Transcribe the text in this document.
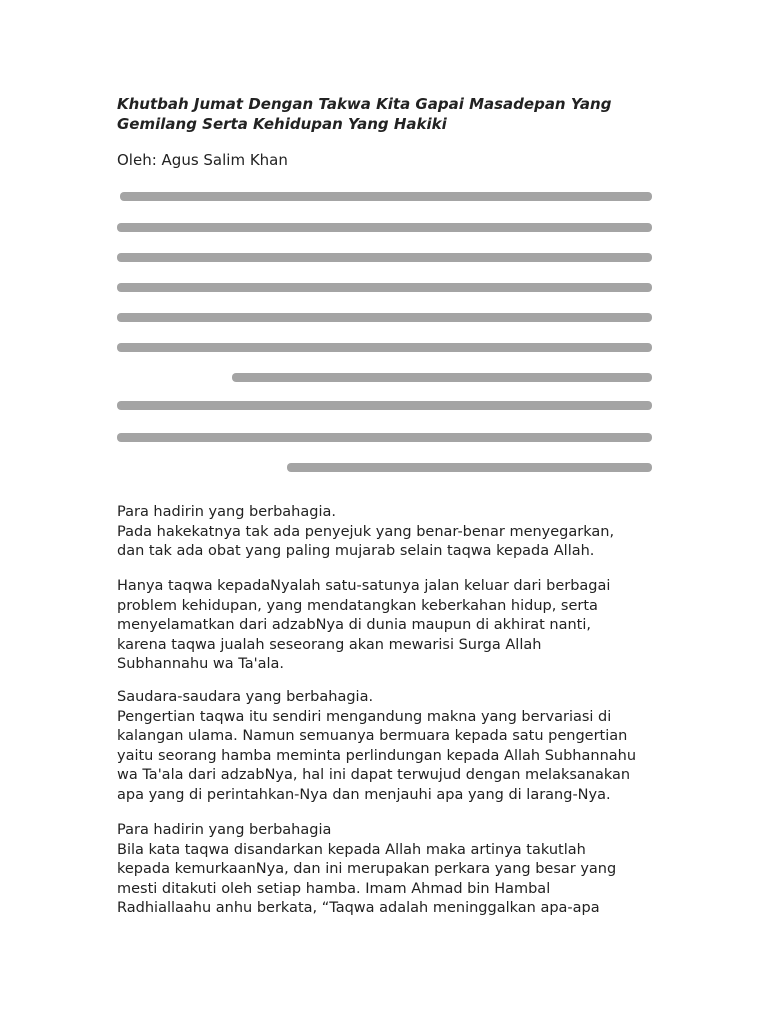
Khutbah Jumat Dengan Takwa Kita Gapai Masadepan Yang Gemilang Serta Kehidupan Yang Hakiki
Oleh: Agus Salim Khan

Para hadirin yang berbahagia.

Pada hakekatnya tak ada penyejuk yang benar-benar menyegarkan,
dan tak ada obat yang paling mujarab selain taqwa kepada Allah.

Hanya taqwa kepadaNyalah satu-satunya jalan keluar dari berbagai
problem kehidupan, yang mendatangkan keberkahan hidup, serta
menyelamatkan dari adzabNya di dunia maupun di akhirat nanti,
karena taqwa jualah seseorang akan mewarisi Surga Allah
Subhannahu wa Ta'ala.

Saudara-saudara yang berbahagia.

Pengertian taqwa itu sendiri mengandung makna yang bervariasi di
kalangan ulama. Namun semuanya bermuara kepada satu pengertian
yaitu seorang hamba meminta perlindungan kepada Allah Subhannahu
wa Ta'ala dari adzabNya, hal ini dapat terwujud dengan melaksanakan
apa yang di perintahkan-Nya dan menjauhi apa yang di larang-Nya.

Para hadirin yang berbahagia

Bila kata taqwa disandarkan kepada Allah maka artinya takutlah
kepada kemurkaanNya, dan ini merupakan perkara yang besar yang
mesti ditakuti oleh setiap hamba. Imam Ahmad bin Hambal
Radhiallaahu anhu berkata, “Taqwa adalah meninggalkan apa-apa
